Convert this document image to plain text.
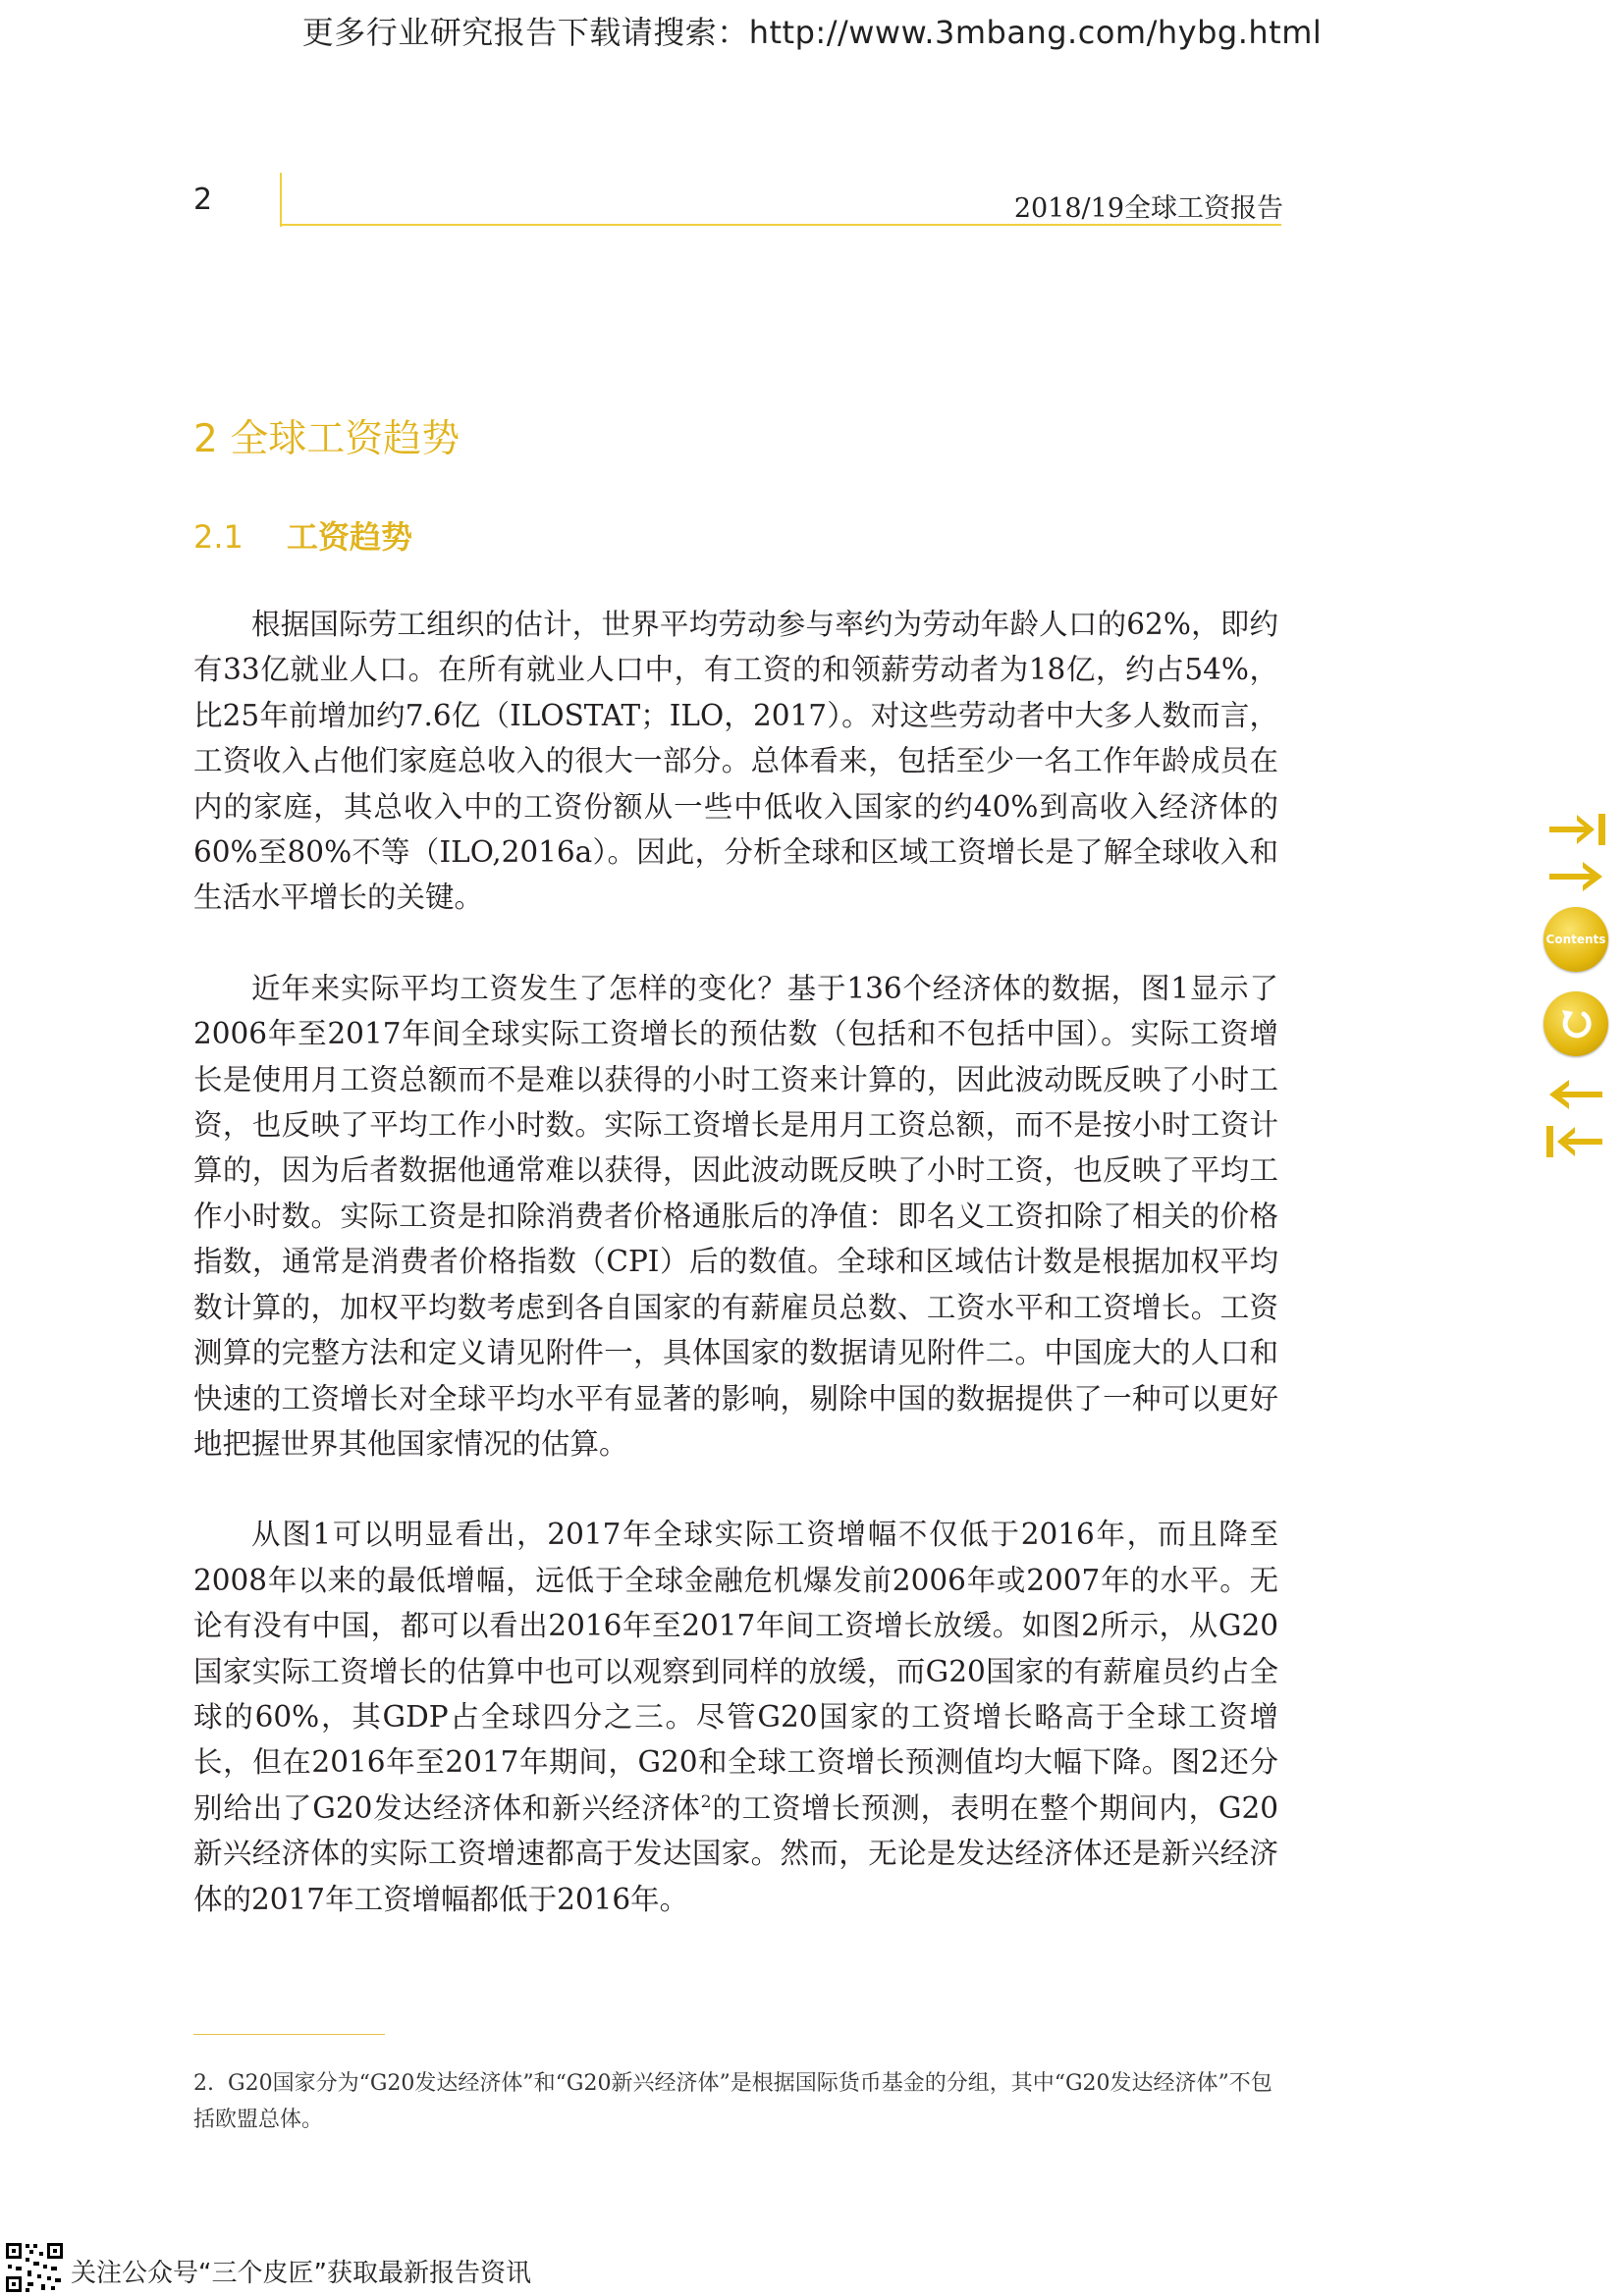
更多行业研究报告下载请搜索：http://www.3mbang.com/hybg.html
2	2018/19全球工资报告
2 全球工资趋势
2.1 工资趋势

根据国际劳工组织的估计，世界平均劳动参与率约为劳动年龄人口的62%，即约有33亿就业人口。在所有就业人口中，有工资的和领薪劳动者为18亿，约占54%，比25年前增加约7.6亿（ILOSTAT；ILO，2017）。对这些劳动者中大多人数而言，工资收入占他们家庭总收入的很大一部分。总体看来，包括至少一名工作年龄成员在内的家庭，其总收入中的工资份额从一些中低收入国家的约40%到高收入经济体的60%至80%不等（ILO,2016a）。因此，分析全球和区域工资增长是了解全球收入和生活水平增长的关键。

近年来实际平均工资发生了怎样的变化？基于136个经济体的数据，图1显示了2006年至2017年间全球实际工资增长的预估数（包括和不包括中国）。实际工资增长是使用月工资总额而不是难以获得的小时工资来计算的，因此波动既反映了小时工资，也反映了平均工作小时数。实际工资增长是用月工资总额，而不是按小时工资计算的，因为后者数据他通常难以获得，因此波动既反映了小时工资，也反映了平均工作小时数。实际工资是扣除消费者价格通胀后的净值：即名义工资扣除了相关的价格指数，通常是消费者价格指数（CPI）后的数值。全球和区域估计数是根据加权平均数计算的，加权平均数考虑到各自国家的有薪雇员总数、工资水平和工资增长。工资测算的完整方法和定义请见附件一，具体国家的数据请见附件二。中国庞大的人口和快速的工资增长对全球平均水平有显著的影响，剔除中国的数据提供了一种可以更好地把握世界其他国家情况的估算。

从图1可以明显看出，2017年全球实际工资增幅不仅低于2016年，而且降至2008年以来的最低增幅，远低于全球金融危机爆发前2006年或2007年的水平。无论有没有中国，都可以看出2016年至2017年间工资增长放缓。如图2所示，从G20国家实际工资增长的估算中也可以观察到同样的放缓，而G20国家的有薪雇员约占全球的60%，其GDP占全球四分之三。尽管G20国家的工资增长略高于全球工资增长，但在2016年至2017年期间，G20和全球工资增长预测值均大幅下降。图2还分别给出了G20发达经济体和新兴经济体$^2$的工资增长预测，表明在整个期间内，G20新兴经济体的实际工资增速都高于发达国家。然而，无论是发达经济体还是新兴经济体的2017年工资增幅都低于2016年。

2. G20国家分为“G20发达经济体”和“G20新兴经济体”是根据国际货币基金的分组，其中“G20发达经济体”不包括欧盟总体。
Contents
关注公众号“三个皮匠”获取最新报告资讯
